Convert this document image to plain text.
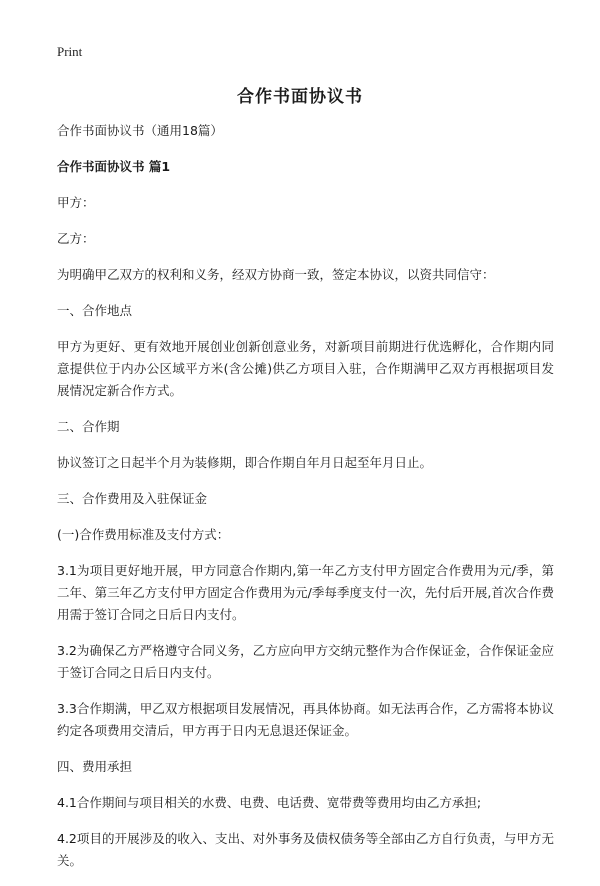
Print
合作书面协议书

合作书面协议书（通用18篇）

合作书面协议书 篇1

甲方：

乙方：

为明确甲乙双方的权利和义务，经双方协商一致，签定本协议，以资共同信守：

一、合作地点

甲方为更好、更有效地开展创业创新创意业务，对新项目前期进行优选孵化，合作期内同意提供位于内办公区域平方米(含公摊)供乙方项目入驻，合作期满甲乙双方再根据项目发展情况定新合作方式。

二、合作期

协议签订之日起半个月为装修期，即合作期自年月日起至年月日止。

三、合作费用及入驻保证金

(一)合作费用标准及支付方式：

3.1为项目更好地开展，甲方同意合作期内,第一年乙方支付甲方固定合作费用为元/季，第二年、第三年乙方支付甲方固定合作费用为元/季每季度支付一次，先付后开展,首次合作费用需于签订合同之日后日内支付。

3.2为确保乙方严格遵守合同义务，乙方应向甲方交纳元整作为合作保证金，合作保证金应于签订合同之日后日内支付。

3.3合作期满，甲乙双方根据项目发展情况，再具体协商。如无法再合作，乙方需将本协议约定各项费用交清后，甲方再于日内无息退还保证金。

四、费用承担

4.1合作期间与项目相关的水费、电费、电话费、宽带费等费用均由乙方承担;

4.2项目的开展涉及的收入、支出、对外事务及债权债务等全部由乙方自行负责，与甲方无关。
